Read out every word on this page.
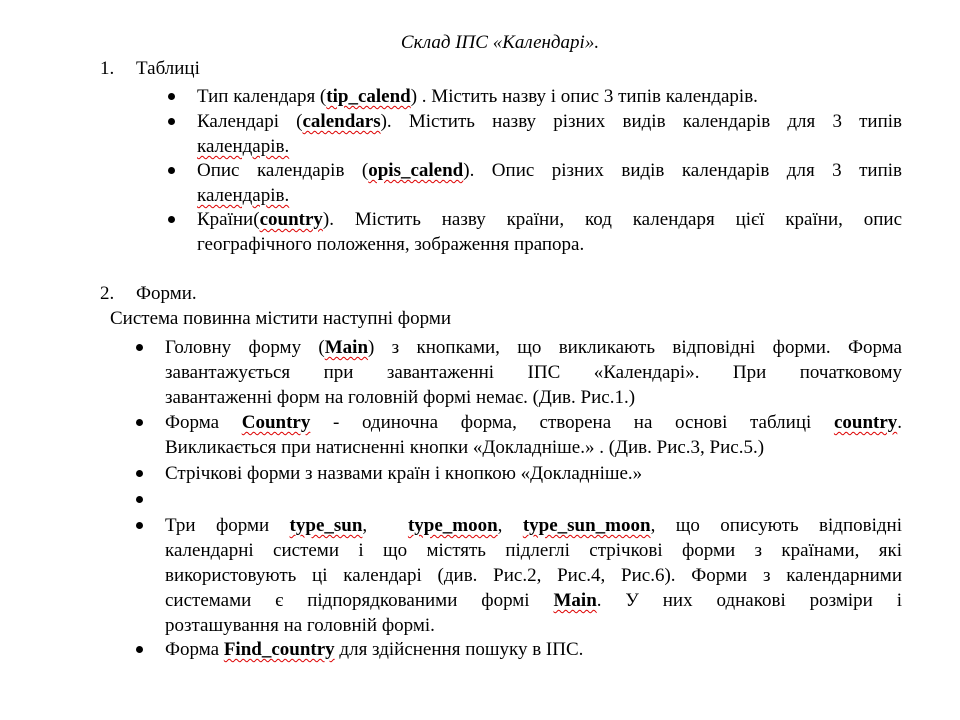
Склад ІПС «Календарі».
1. Таблиці
Тип календаря (tip_calend) . Містить назву і опис 3 типів календарів.
Календарі (calendars). Містить назву різних видів календарів для 3 типів
календарів.
Опис календарів (opis_calend). Опис різних видів календарів для 3 типів
календарів.
Країни(country). Містить назву країни, код календаря цієї країни, опис
географічного положення, зображення прапора.
2. Форми.
Система повинна містити наступні форми
Головну форму (Main) з кнопками, що викликають відповідні форми. Форма
завантажується при завантаженні ІПС «Календарі». При початковому
завантаженні форм на головній формі немає. (Див. Рис.1.)
Форма Country - одиночна форма, створена на основі таблиці country.
Викликається при натисненні кнопки «Докладніше.» . (Див. Рис.3, Рис.5.)
Стрічкові форми з назвами країн і кнопкою «Докладніше.»
Три форми type_sun,  type_moon, type_sun_moon, що описують відповідні
календарні системи і що містять підлеглі стрічкові форми з країнами, які
використовують ці календарі (див. Рис.2, Рис.4, Рис.6). Форми з календарними
системами є підпорядкованими формі Main. У них однакові розміри і
розташування на головній формі.
Форма Find_country для здійснення пошуку в ІПС.
